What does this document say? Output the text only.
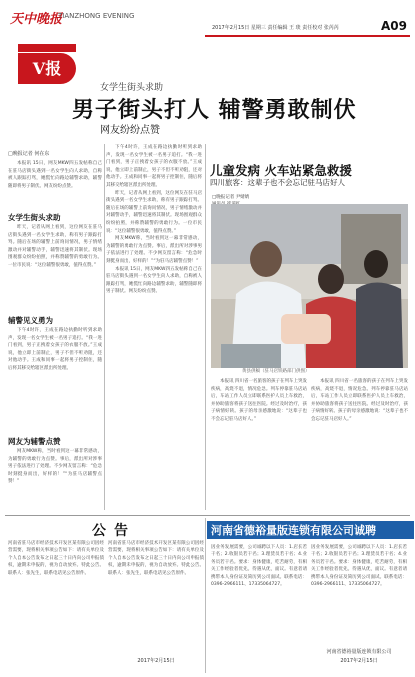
天中晚报
TIANZHONG EVENING
2017年2月15日 星期三 责任编辑 王 琰 责任校对 张芮芮	A09
V报
女学生街头求助
男子街头打人 辅警勇敢制伏
网友纷纷点赞
□晚报记者 何在东

本报讯 15日，网友MKW四五发帖称自己在驻马店街头遇到一名女学生向人求助，自称被人跟踪打骂，她慌忙向路边辅警求助，辅警随即将男子制伏。网友纷纷点赞。

女学生街头求助

昨天，记者从网上看到，这位网友在驻马店街头遇到一名女学生求助，称有男子跟踪打骂。随后在场的辅警上前询问情况，男子情绪激动并对辅警动手，辅警迅速将其制伏。现场围观群众纷纷拍照，并称赞辅警的勇敢行为。一位市民说：“这位辅警很勇敢，值得点赞。”

辅警见义勇为

下午4时许，王成在路边执勤时听到求助声，发现一名女学生被一名男子追打。“我一进门看到，男子正拽着女孩子的衣服不放。”王成说，他立即上前制止，男子不但不听劝阻，还对他动手。王成和同事一起将男子控制住，随后将其移交给辖区派出所处理。

网友为辅警点赞

网友MKW称，当时看到这一幕非常感动，为辅警的勇敢行为点赞。事后，派出所对涉事男子依法进行了处理。不少网友留言称：“危急时刻挺身而出，好样的！”“为驻马店辅警点赞！”

下午4时许，王成在路边执勤时听到求助声，发现一名女学生被一名男子追打。“我一进门看到，男子正拽着女孩子的衣服不放。”王成说，他立即上前制止，男子不但不听劝阻，还对他动手。王成和同事一起将男子控制住，随后将其移交给辖区派出所处理。

昨天，记者从网上看到，这位网友在驻马店街头遇到一名女学生求助，称有男子跟踪打骂。随后在场的辅警上前询问情况，男子情绪激动并对辅警动手，辅警迅速将其制伏。现场围观群众纷纷拍照，并称赞辅警的勇敢行为。一位市民说：“这位辅警很勇敢，值得点赞。”

网友MKW称，当时看到这一幕非常感动，为辅警的勇敢行为点赞。事后，派出所对涉事男子依法进行了处理。不少网友留言称：“危急时刻挺身而出，好样的！”“为驻马店辅警点赞！”

本报讯 15日，网友MKW四五发帖称自己在驻马店街头遇到一名女学生向人求助，自称被人跟踪打骂，她慌忙向路边辅警求助，辅警随即将男子制伏。网友纷纷点赞。

儿童发病 火车站紧急救援
四川旅客：这辈子也不会忘记驻马店好人
□晚报记者 尹婧婧
黄县供稿（驻马店铁路部门供图）

本报讯 四川省一名旅客的孩子在列车上突发疾病，高烧不退，情况危急。列车停靠驻马店站后，车站工作人员立即联系医护人员上车救治，并协助旅客将孩子送往医院。经过及时治疗，孩子病情好转。孩子的母亲感激地说：“这辈子也不会忘记驻马店好人。”

本报讯 四川省一名旅客的孩子在列车上突发疾病，高烧不退，情况危急。列车停靠驻马店站后，车站工作人员立即联系医护人员上车救治，并协助旅客将孩子送往医院。经过及时治疗，孩子病情好转。孩子的母亲感激地说：“这辈子也不会忘记驻马店好人。”

公告

河南省驻马店市经济技术开发区某有限公司因经营需要，现将相关事项公告如下：请有关单位及个人自本公告发布之日起三十日内向公司申报债权，逾期未申报的，视为自动放弃。特此公告。联系人：张先生，联系电话见公告原件。

河南省驻马店市经济技术开发区某有限公司因经营需要，现将相关事项公告如下：请有关单位及个人自本公告发布之日起三十日内向公司申报债权，逾期未申报的，视为自动放弃。特此公告。联系人：张先生，联系电话见公告原件。

2017年2月15日
河南省德裕量版连锁有限公司诚聘

因业务发展需要，公司诚聘以下人员：1.店长若干名；2.收银员若干名；3.理货员若干名；4.业务员若干名。要求：身体健康，吃苦耐劳，有相关工作经验者优先。待遇从优，面议。有意者请携带本人身份证及简历到公司面试。联系电话：0396-2966111、17335064727。

因业务发展需要，公司诚聘以下人员：1.店长若干名；2.收银员若干名；3.理货员若干名；4.业务员若干名。要求：身体健康，吃苦耐劳，有相关工作经验者优先。待遇从优，面议。有意者请携带本人身份证及简历到公司面试。联系电话：0396-2966111、17335064727。

河南省德裕量版连锁有限公司
2017年2月15日
